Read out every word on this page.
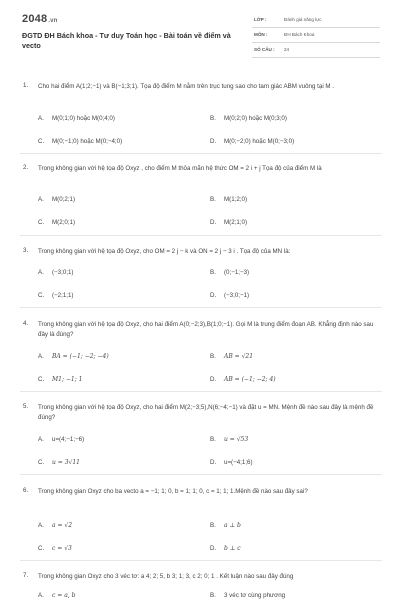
2048.vn
ĐGTD ĐH Bách khoa - Tư duy Toán học - Bài toán về điểm và vecto
LỚP :	Đánh giá năng lực
MÔN :	ĐH Bách Khoa
SỐ CÂU : 24
1. Cho hai điểm A(1;2;−1) và B(−1;3;1). Tọa độ điểm M nằm trên trục tung sao cho tam giác ABM vuông tại M .
A. M(0;1;0) hoặc M(0;4;0)	B. M(0;2;0) hoặc M(0;3;0)
C. M(0;−1;0) hoặc M(0;−4;0)	D. M(0;−2;0) hoặc M(0;−3;0)
2. Trong không gian với hệ tọa độ Oxyz , cho điểm M thỏa mãn hệ thức OM = 2 i + j Tọa độ của điểm M là
A. M(0;2;1)	B. M(1;2;0)
C. M(2;0;1)	D. M(2;1;0)
3. Trong không gian với hệ tọa độ Oxyz, cho OM = 2 j − k và ON = 2 j − 3 i . Tọa độ của MN là:
A. (−3;0;1)	B. (0;−1;−3)
C. (−2;1;1)	D. (−3;0;−1)
4. Trong không gian với hệ tọa độ Oxyz, cho hai điểm A(0;−2;3),B(1;0;−1). Gọi M là trung điểm đoạn AB. Khẳng định nào sau đây là đúng?
A. BA = (−1; −2; −4)	B. AB = √21
C. M1; −1; 1	D. AB = (−1; −2; 4)
5. Trong không gian với hệ tọa độ Oxyz, cho hai điểm M(2;−3;5),N(6;−4;−1) và đặt u = MN. Mệnh đề nào sau đây là mệnh đề đúng?
A. u=(4;−1;−6)	B. u = √53
C. u = 3√11	D. u=(−4;1;6)
6. Trong không gian Oxyz cho ba vecto a = −1; 1; 0, b = 1; 1; 0, c = 1; 1; 1.Mệnh đề nào sau đây sai?
A. a = √2	B. a ⊥ b
C. c = √3	D. b ⊥ c
7. Trong không gian Oxyz cho 3 véc tơ: a 4; 2; 5, b 3; 1; 3, c 2; 0; 1 . Kết luận nào sau đây đúng
A. c = a, b	B. 3 véc tơ cùng phương
